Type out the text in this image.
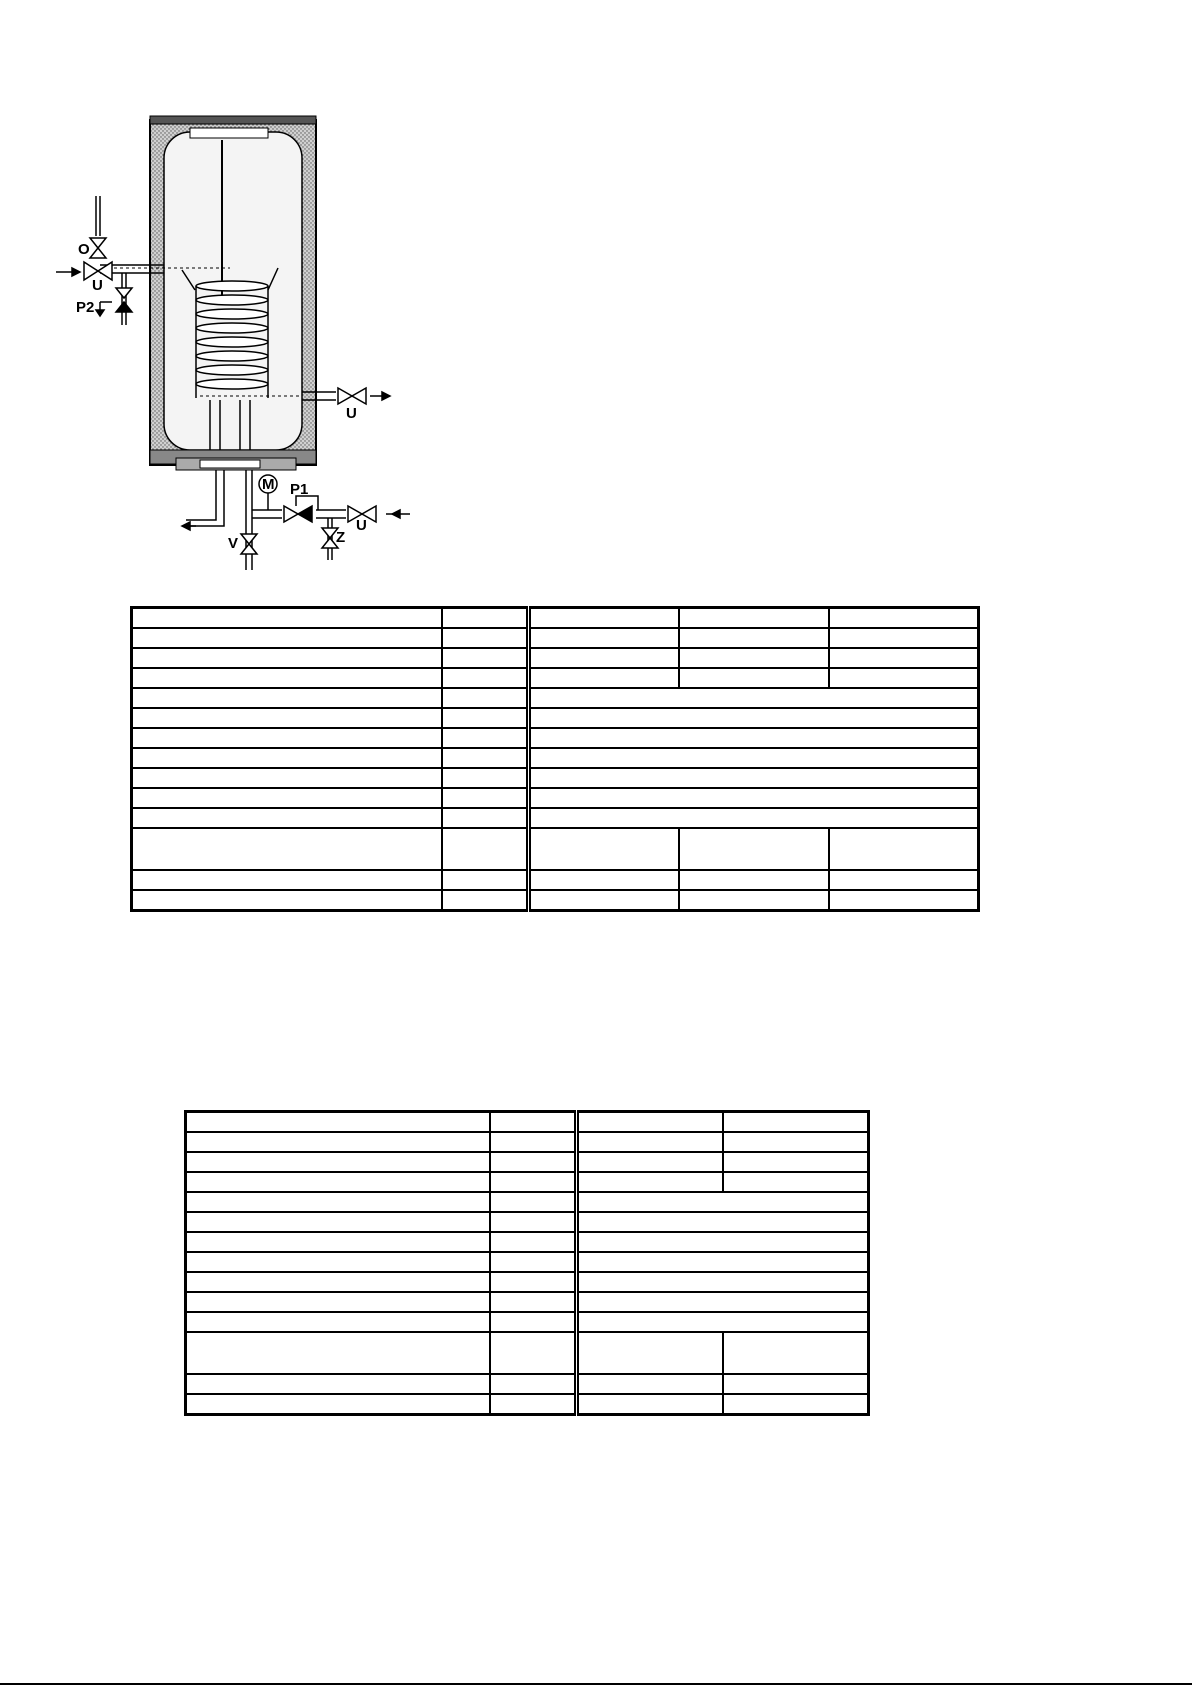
O
U
P2
U
M P1
U
Z
V
